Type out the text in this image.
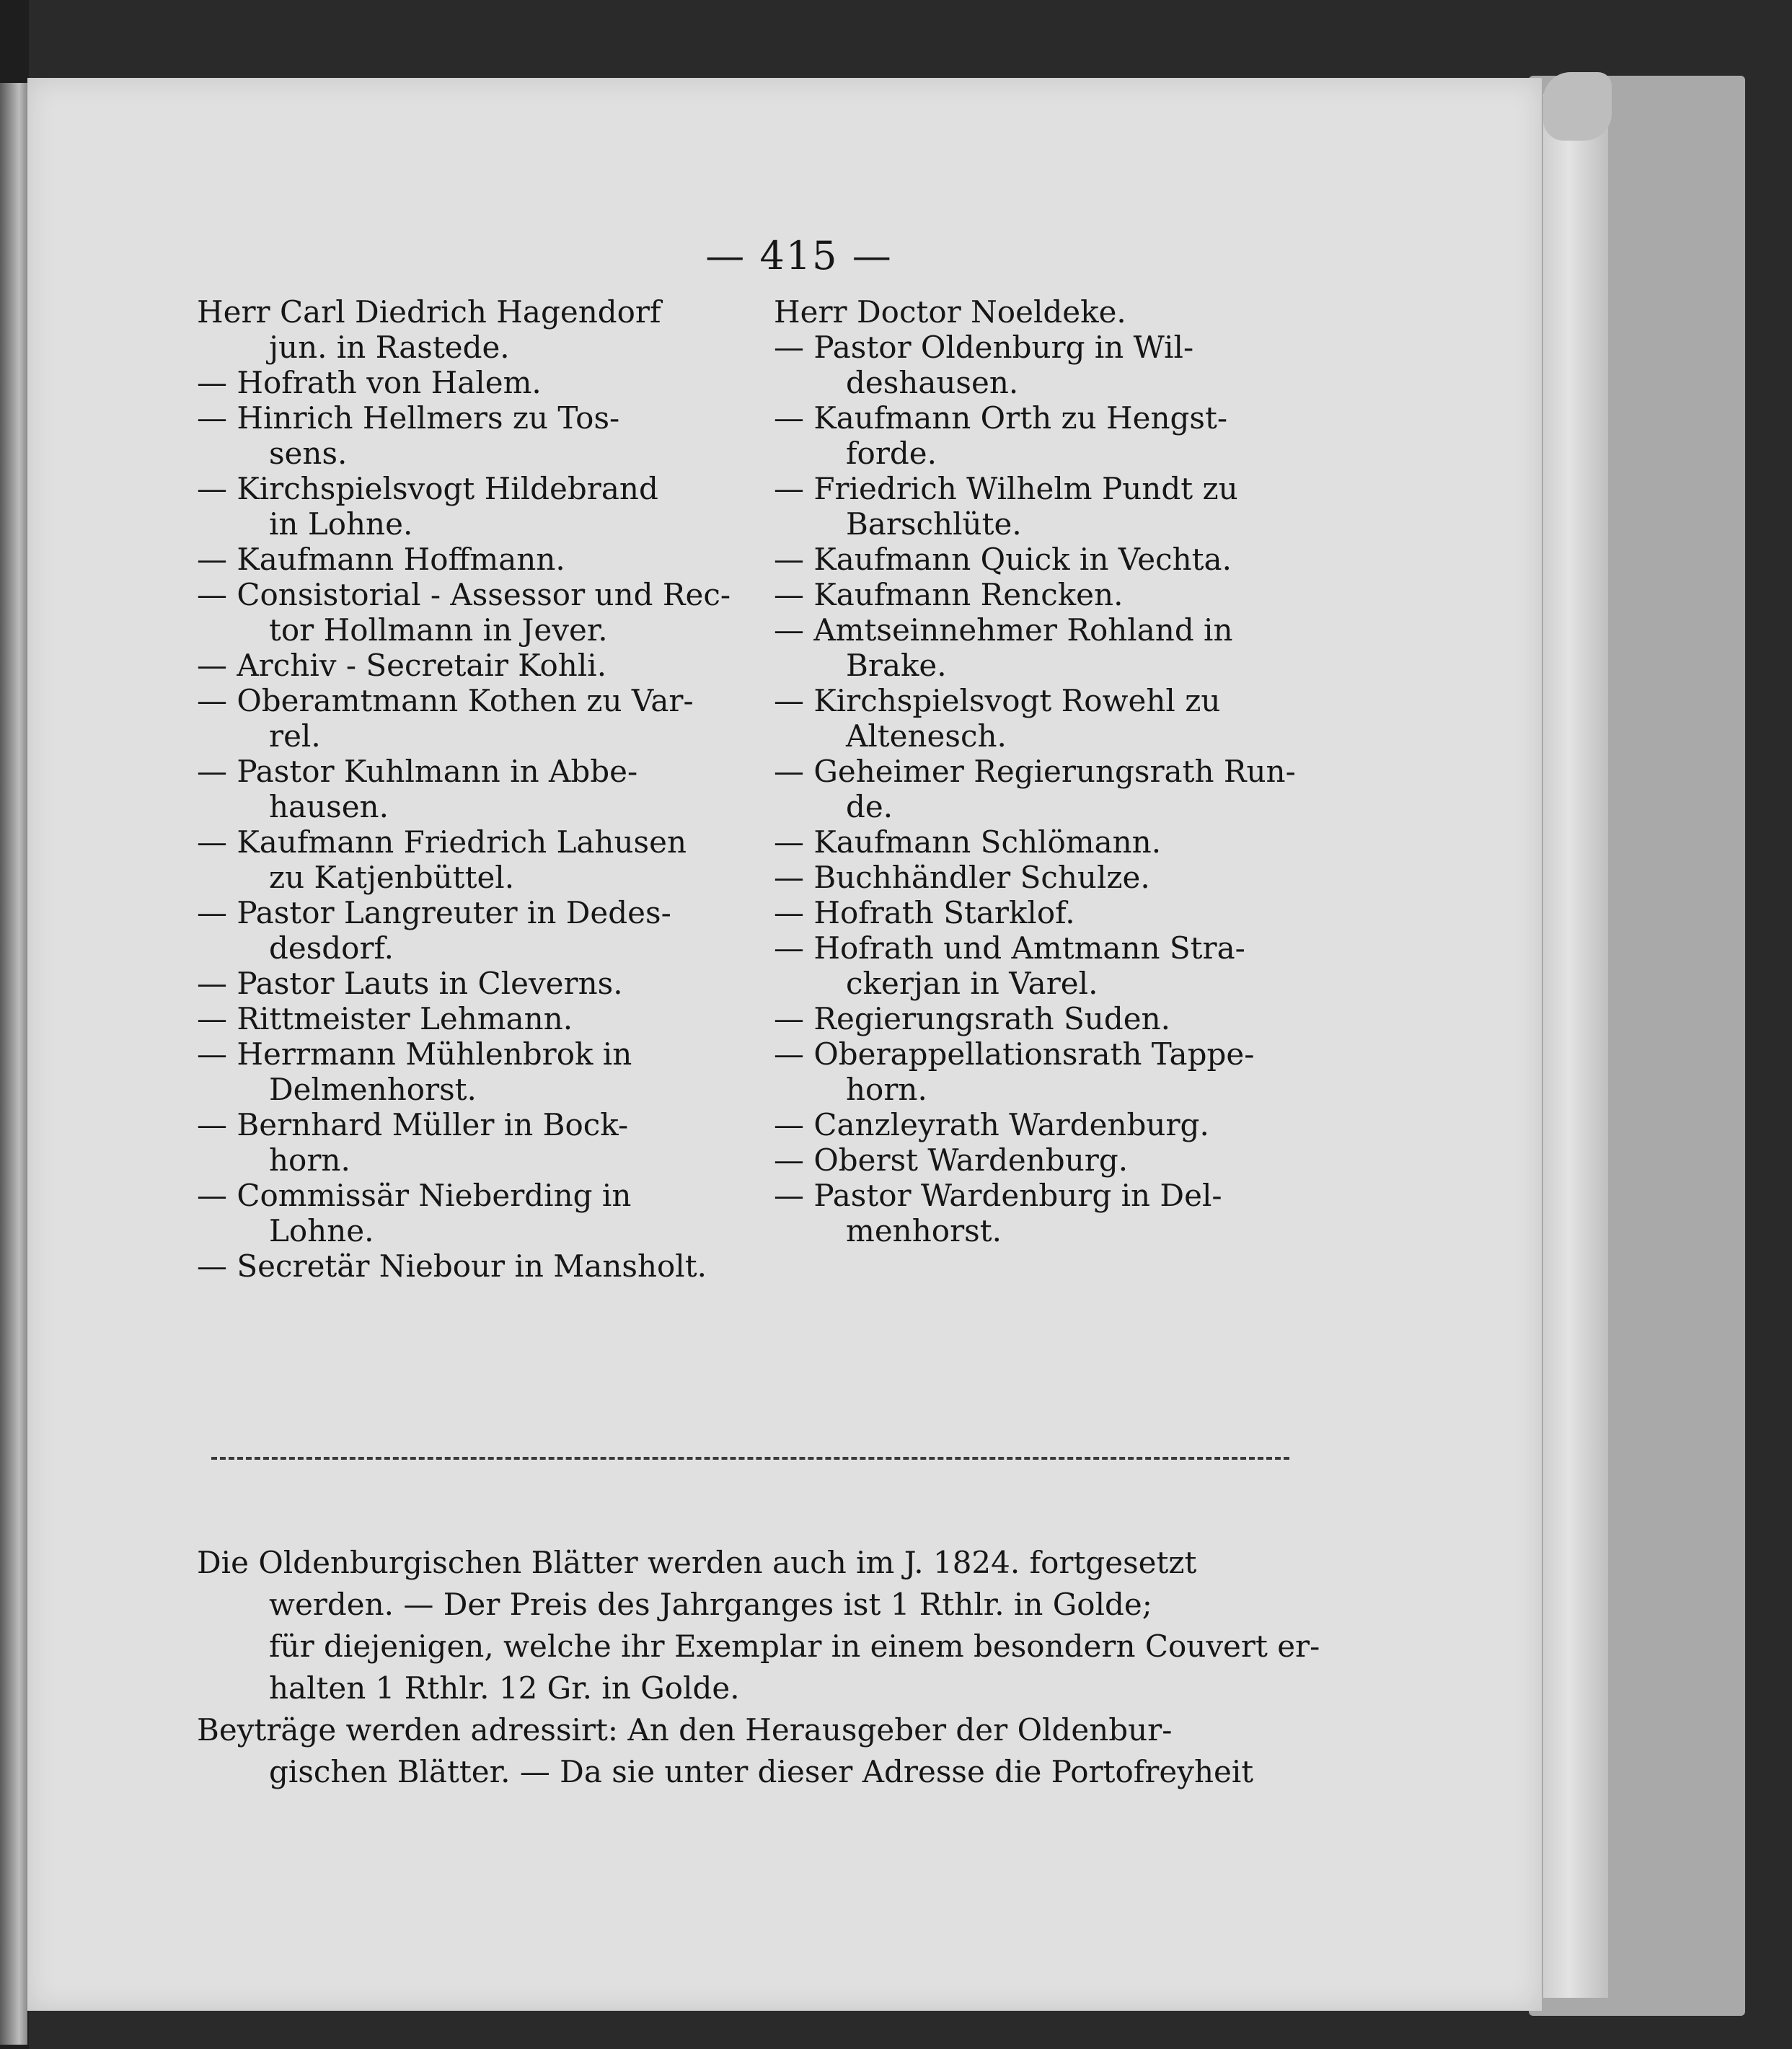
— 415 —
Herr Carl Diedrich Hagendorf
jun. in Rastede.
— Hofrath von Halem.
— Hinrich Hellmers zu Tos-
sens.
— Kirchspielsvogt Hildebrand
in Lohne.
— Kaufmann Hoffmann.
— Consistorial - Assessor und Rec-
tor Hollmann in Jever.
— Archiv - Secretair Kohli.
— Oberamtmann Kothen zu Var-
rel.
— Pastor Kuhlmann in Abbe-
hausen.
— Kaufmann Friedrich Lahusen
zu Katjenbüttel.
— Pastor Langreuter in Dedes-
desdorf.
— Pastor Lauts in Cleverns.
— Rittmeister Lehmann.
— Herrmann Mühlenbrok in
Delmenhorst.
— Bernhard Müller in Bock-
horn.
— Commissär Nieberding in
Lohne.
— Secretär Niebour in Mansholt.
Herr Doctor Noeldeke.
— Pastor Oldenburg in Wil-
deshausen.
— Kaufmann Orth zu Hengst-
forde.
— Friedrich Wilhelm Pundt zu
Barschlüte.
— Kaufmann Quick in Vechta.
— Kaufmann Rencken.
— Amtseinnehmer Rohland in
Brake.
— Kirchspielsvogt Rowehl zu
Altenesch.
— Geheimer Regierungsrath Run-
de.
— Kaufmann Schlömann.
— Buchhändler Schulze.
— Hofrath Starklof.
— Hofrath und Amtmann Stra-
ckerjan in Varel.
— Regierungsrath Suden.
— Oberappellationsrath Tappe-
horn.
— Canzleyrath Wardenburg.
— Oberst Wardenburg.
— Pastor Wardenburg in Del-
menhorst.

Die Oldenburgischen Blätter werden auch im J. 1824. fortgesetzt
werden. — Der Preis des Jahrganges ist 1 Rthlr. in Golde;
für diejenigen, welche ihr Exemplar in einem besondern Couvert er-
halten 1 Rthlr. 12 Gr. in Golde.

Beyträge werden adressirt: An den Herausgeber der Oldenbur-
gischen Blätter. — Da sie unter dieser Adresse die Portofreyheit
